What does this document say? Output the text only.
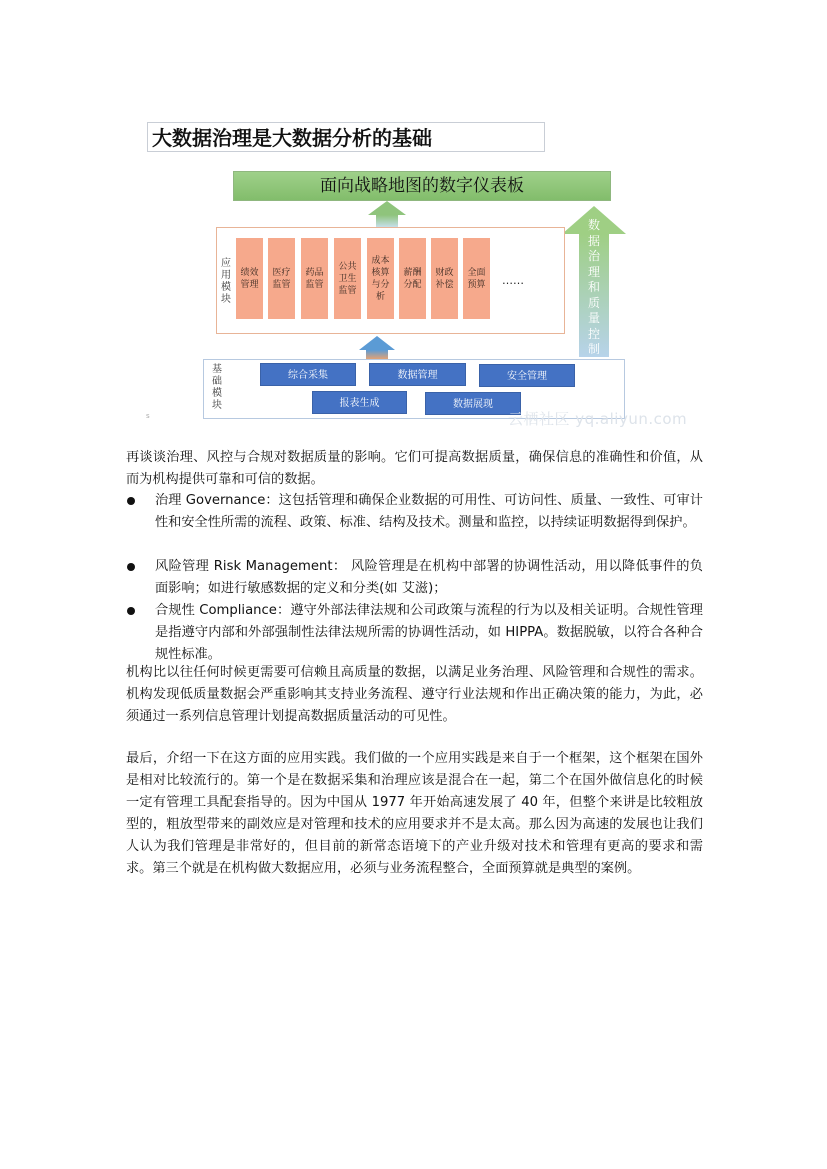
大数据治理是大数据分析的基础
面向战略地图的数字仪表板
数据治理和质量控制
应用模块
绩效管理
医疗监管
药品监管
公共卫生监管
成本核算与分析
薪酬分配
财政补偿
全面预算 ……
基础模块
综合采集	数据管理	安全管理
报表生成	数据展现
云栖社区 yq.aliyun.com
s
再谈谈治理、风控与合规对数据质量的影响。它们可提高数据质量，确保信息的准确性和价值，从而为机构提供可靠和可信的数据。
治理 Governance：这包括管理和确保企业数据的可用性、可访问性、质量、一致性、可审计性和安全性所需的流程、政策、标准、结构及技术。测量和监控，以持续证明数据得到保护。
风险管理 Risk Management： 风险管理是在机构中部署的协调性活动，用以降低事件的负面影响；如进行敏感数据的定义和分类(如 艾滋)；
合规性 Compliance：遵守外部法律法规和公司政策与流程的行为以及相关证明。合规性管理是指遵守内部和外部强制性法律法规所需的协调性活动，如 HIPPA。数据脱敏，以符合各种合规性标准。
机构比以往任何时候更需要可信赖且高质量的数据，以满足业务治理、风险管理和合规性的需求。机构发现低质量数据会严重影响其支持业务流程、遵守行业法规和作出正确决策的能力，为此，必须通过一系列信息管理计划提高数据质量活动的可见性。
最后，介绍一下在这方面的应用实践。我们做的一个应用实践是来自于一个框架，这个框架在国外是相对比较流行的。第一个是在数据采集和治理应该是混合在一起，第二个在国外做信息化的时候一定有管理工具配套指导的。因为中国从 1977 年开始高速发展了 40 年，但整个来讲是比较粗放型的，粗放型带来的副效应是对管理和技术的应用要求并不是太高。那么因为高速的发展也让我们人认为我们管理是非常好的，但目前的新常态语境下的产业升级对技术和管理有更高的要求和需求。第三个就是在机构做大数据应用，必须与业务流程整合，全面预算就是典型的案例。
